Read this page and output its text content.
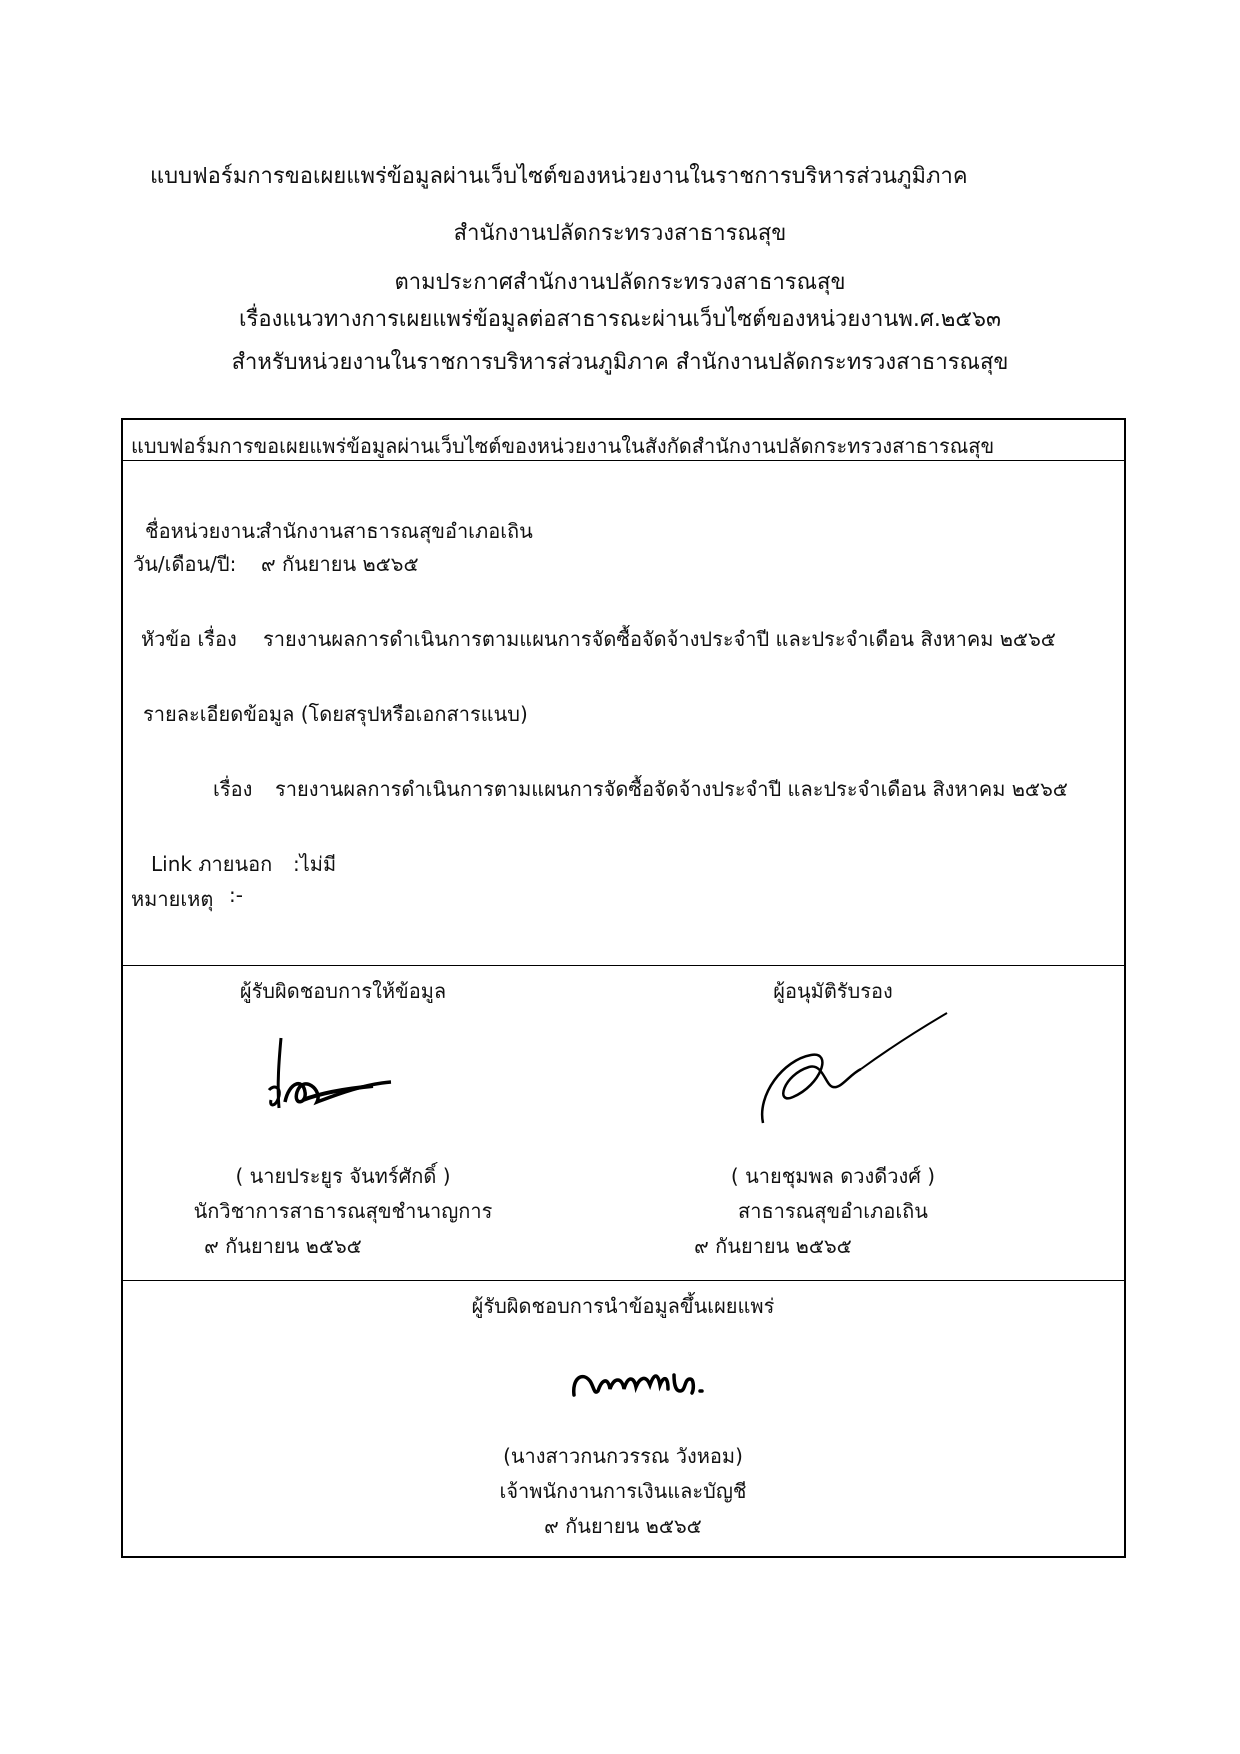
แบบฟอร์มการขอเผยแพร่ข้อมูลผ่านเว็บไซต์ของหน่วยงานในราชการบริหารส่วนภูมิภาค
สำนักงานปลัดกระทรวงสาธารณสุข
ตามประกาศสำนักงานปลัดกระทรวงสาธารณสุข
เรื่องแนวทางการเผยแพร่ข้อมูลต่อสาธารณะผ่านเว็บไซต์ของหน่วยงานพ.ศ.๒๕๖๓
สำหรับหน่วยงานในราชการบริหารส่วนภูมิภาค สำนักงานปลัดกระทรวงสาธารณสุข
แบบฟอร์มการขอเผยแพร่ข้อมูลผ่านเว็บไซต์ของหน่วยงานในสังกัดสำนักงานปลัดกระทรวงสาธารณสุข
ชื่อหน่วยงาน:
สำนักงานสาธารณสุขอำเภอเถิน
วัน/เดือน/ปี: ๙ กันยายน ๒๕๖๕
หัวข้อ เรื่อง รายงานผลการดำเนินการตามแผนการจัดซื้อจัดจ้างประจำปี และประจำเดือน สิงหาคม ๒๕๖๕
รายละเอียดข้อมูล (โดยสรุปหรือเอกสารแนบ)
เรื่อง รายงานผลการดำเนินการตามแผนการจัดซื้อจัดจ้างประจำปี และประจำเดือน สิงหาคม ๒๕๖๕
Link ภายนอก :ไม่มี
หมายเหตุ :-
ผู้รับผิดชอบการให้ข้อมูล
( นายประยูร จันทร์ศักดิ์ )
นักวิชาการสาธารณสุขชำนาญการ
๙ กันยายน ๒๕๖๕
ผู้อนุมัติรับรอง
( นายชุมพล ดวงดีวงศ์ )
สาธารณสุขอำเภอเถิน
๙ กันยายน ๒๕๖๕
ผู้รับผิดชอบการนำข้อมูลขึ้นเผยแพร่
(นางสาวกนกวรรณ วังหอม)
เจ้าพนักงานการเงินและบัญชี
๙ กันยายน ๒๕๖๕
